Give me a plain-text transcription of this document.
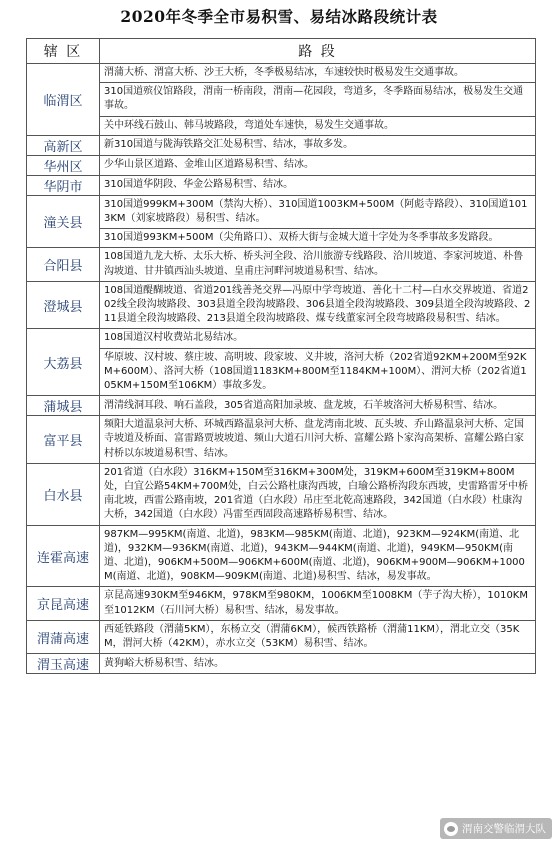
2020年冬季全市易积雪、易结冰路段统计表
辖 区	路 段
临渭区	渭蒲大桥、渭富大桥、沙王大桥，冬季极易结冰，车速较快时极易发生交通事故。
	310国道殡仪馆路段，渭南一桥南段，渭南—花园段，弯道多，冬季路面易结冰，极易发生交通事故。
	关中环线石鼓山、韩马坡路段，弯道处车速快，易发生交通事故。
高新区	新310国道与陇海铁路交汇处易积雪、结冰，事故多发。
华州区	少华山景区道路、金堆山区道路易积雪、结冰。
华阴市	310国道华阴段、华金公路易积雪、结冰。
潼关县	310国道999KM+300M（禁沟大桥）、310国道1003KM+500M（阿彪寺路段）、310国道1013KM（刘家坡路段）易积雪、结冰。
	310国道993KM+500M（尖角路口）、双桥大街与金城大道十字处为冬季事故多发路段。
合阳县	108国道九龙大桥、太乐大桥、桥头河全段、洽川旅游专线路段、洽川坡道、李家河坡道、朴鲁沟坡道、甘井镇西汕头坡道、皇甫庄河畔河坡道易积雪、结冰。
澄城县	108国道醍醐坡道、省道201线善尧交界—冯原中学弯坡道、善化十二村—白水交界坡道、省道202线全段沟坡路段、303县道全段沟坡路段、306县道全段沟坡路段、309县道全段沟坡路段、211县道全段沟坡路段、213县道全段沟坡路段、煤专线董家河全段弯坡路段易积雪、结冰。
大荔县	108国道汉村收费站北易结冰。
	华原坡、汉村坡、蔡庄坡、高明坡、段家坡、义井坡，洛河大桥（202省道92KM+200M至92KM+600M）、洛河大桥（108国道1183KM+800M至1184KM+100M）、渭河大桥（202省道105KM+150M至106KM）事故多发。
蒲城县	渭清线洞耳段、响石盖段，305省道高阳加录坡、盘龙坡，石羊坡洛河大桥易积雪、结冰。
富平县	频阳大道温泉河大桥、环城西路温泉河大桥、盘龙湾南北坡、瓦头坡、乔山路温泉河大桥、定国寺坡道及桥面、富雷路贾坡坡道、频山大道石川河大桥、富耀公路卜家沟高架桥、富耀公路白家村桥以东坡道易积雪、结冰。
白水县	201省道（白水段）316KM+150M至316KM+300M处，319KM+600M至319KM+800M处，白宜公路54KM+700M处，白云公路杜康沟西坡，白瑜公路桥沟段东西坡，史雷路雷牙中桥南北坡，西雷公路南坡，201省道（白水段）吊庄至北乾高速路段，342国道（白水段）杜康沟大桥，342国道（白水段）冯雷至西固段高速路桥易积雪、结冰。
连霍高速	987KM—995KM(南道、北道)，983KM—985KM(南道、北道)，923KM—924KM(南道、北道)，932KM—936KM(南道、北道)，943KM—944KM(南道、北道)，949KM—950KM(南道、北道)，906KM+500M—906KM+600M(南道、北道)，906KM+900M—906KM+1000M(南道、北道)，908KM—909KM(南道、北道)易积雪、结冰，易发事故。
京昆高速	京昆高速930KM至946KM，978KM至980KM，1006KM至1008KM（芋子沟大桥），1010KM至1012KM（石川河大桥）易积雪、结冰，易发事故。
渭蒲高速	西延铁路段（渭蒲5KM），东杨立交（渭蒲6KM），候西铁路桥（渭蒲11KM），渭北立交（35KM，渭河大桥（42KM），赤水立交（53KM）易积雪、结冰。
渭玉高速	黄狗峪大桥易积雪、结冰。
渭南交警临渭大队
